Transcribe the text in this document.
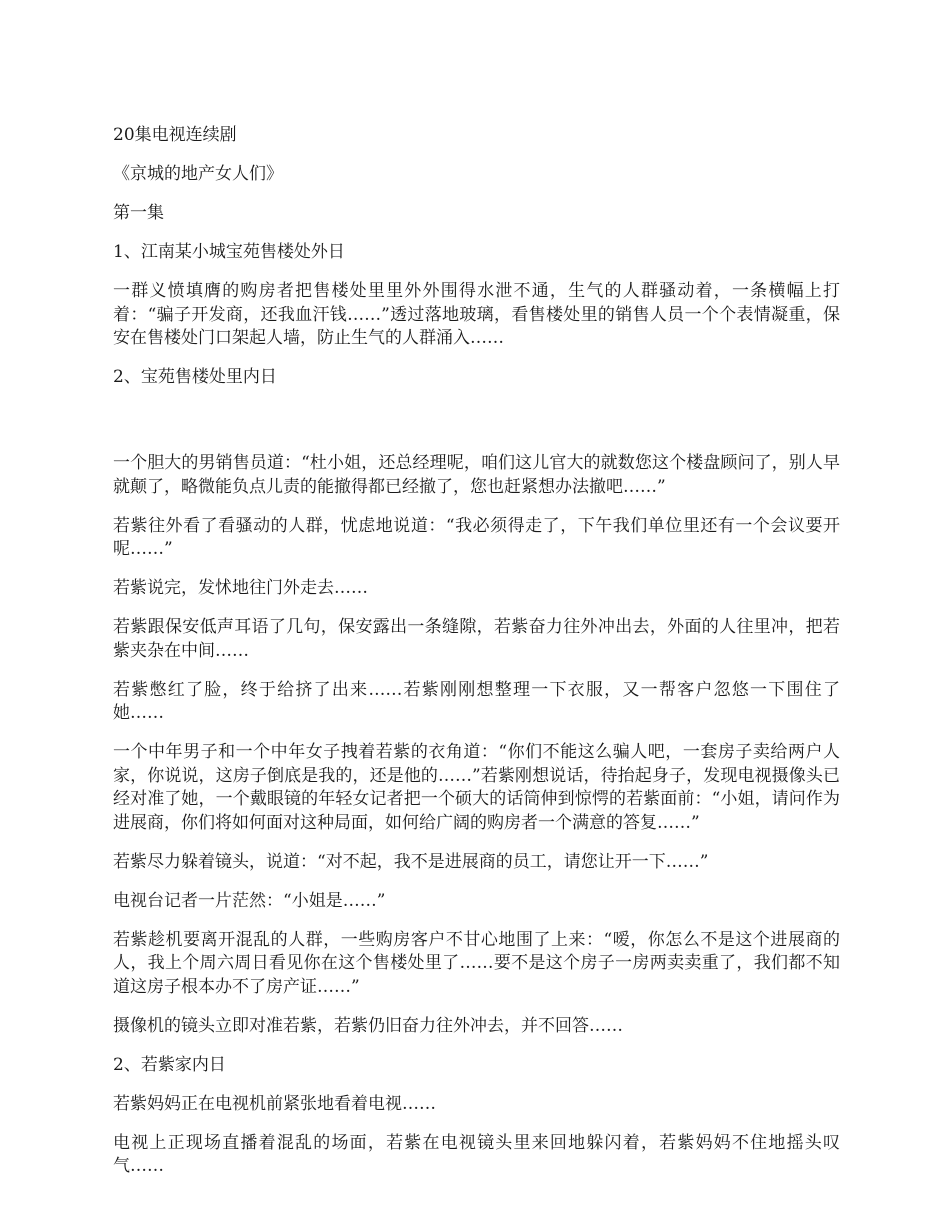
20集电视连续剧

《京城的地产女人们》

第一集

1、江南某小城宝苑售楼处外日

一群义愤填膺的购房者把售楼处里里外外围得水泄不通，生气的人群骚动着，一条横幅上打着：“骗子开发商，还我血汗钱……”透过落地玻璃，看售楼处里的销售人员一个个表情凝重，保安在售楼处门口架起人墙，防止生气的人群涌入……

2、宝苑售楼处里内日

一个胆大的男销售员道：“杜小姐，还总经理呢，咱们这儿官大的就数您这个楼盘顾问了，别人早就颠了，略微能负点儿责的能撤得都已经撤了，您也赶紧想办法撤吧……”

若紫往外看了看骚动的人群，忧虑地说道：“我必须得走了，下午我们单位里还有一个会议要开呢……”

若紫说完，发怵地往门外走去……

若紫跟保安低声耳语了几句，保安露出一条缝隙，若紫奋力往外冲出去，外面的人往里冲，把若紫夹杂在中间……

若紫憋红了脸，终于给挤了出来……若紫刚刚想整理一下衣服，又一帮客户忽悠一下围住了她……

一个中年男子和一个中年女子拽着若紫的衣角道：“你们不能这么骗人吧，一套房子卖给两户人家，你说说，这房子倒底是我的，还是他的……”若紫刚想说话，待抬起身子，发现电视摄像头已经对准了她，一个戴眼镜的年轻女记者把一个硕大的话筒伸到惊愕的若紫面前：“小姐，请问作为进展商，你们将如何面对这种局面，如何给广阔的购房者一个满意的答复……”

若紫尽力躲着镜头，说道：“对不起，我不是进展商的员工，请您让开一下……”

电视台记者一片茫然：“小姐是……”

若紫趁机要离开混乱的人群，一些购房客户不甘心地围了上来：“嗳，你怎么不是这个进展商的人，我上个周六周日看见你在这个售楼处里了……要不是这个房子一房两卖卖重了，我们都不知道这房子根本办不了房产证……”

摄像机的镜头立即对准若紫，若紫仍旧奋力往外冲去，并不回答……

2、若紫家内日

若紫妈妈正在电视机前紧张地看着电视……

电视上正现场直播着混乱的场面，若紫在电视镜头里来回地躲闪着，若紫妈妈不住地摇头叹气……
